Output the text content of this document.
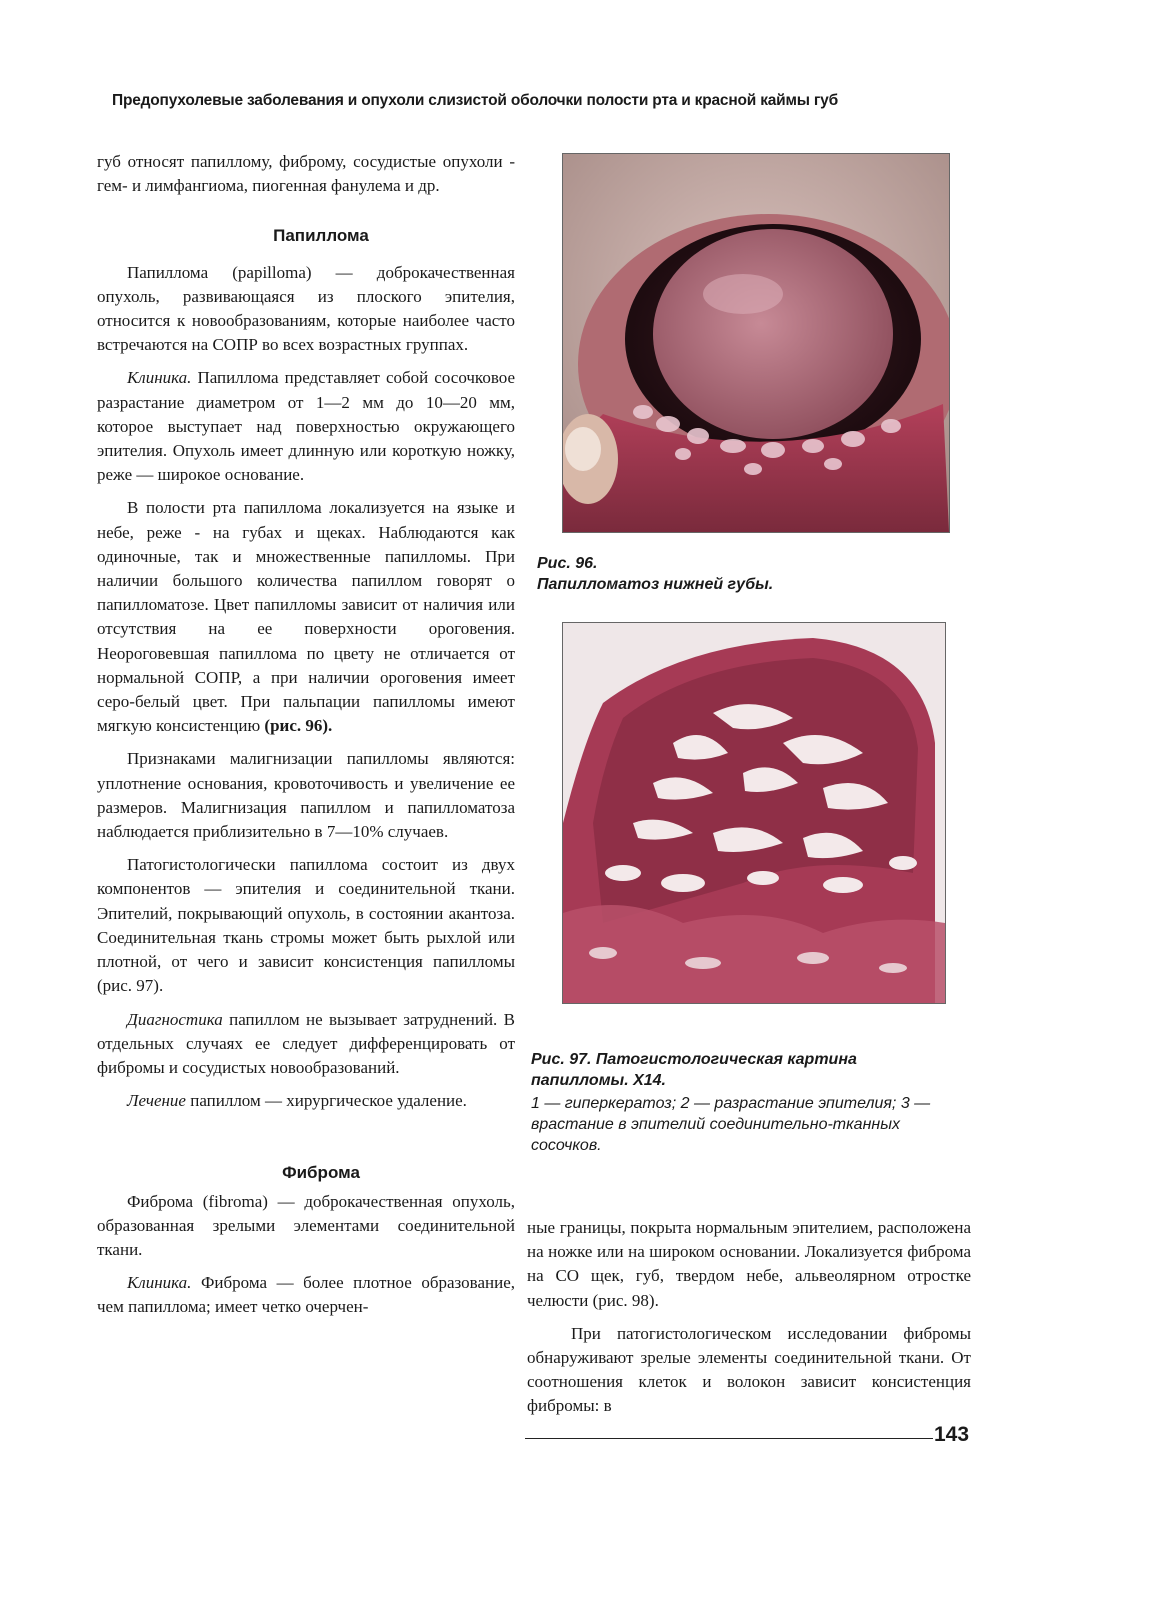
Предопухолевые заболевания и опухоли слизистой оболочки полости рта и красной каймы губ

губ относят папиллому, фиброму, сосудистые опухоли - гем- и лимфангиома, пиогенная фанулема и др.

Папиллома

Папиллома (papilloma) — доброкачественная опухоль, развивающаяся из плоского эпителия, относится к новообразованиям, которые наиболее часто встречаются на СОПР во всех возрастных группах.

Клиника. Папиллома представляет собой сосочковое разрастание диаметром от 1—2 мм до 10—20 мм, которое выступает над поверхностью окружающего эпителия. Опухоль имеет длинную или короткую ножку, реже — широкое основание.

В полости рта папиллома локализуется на языке и небе, реже - на губах и щеках. Наблюдаются как одиночные, так и множественные папилломы. При наличии большого количества папиллом говорят о папилломатозе. Цвет папилломы зависит от наличия или отсутствия на ее поверхности ороговения. Неороговевшая папиллома по цвету не отличается от нормальной СОПР, а при наличии ороговения имеет серо-белый цвет. При пальпации папилломы имеют мягкую консистенцию (рис. 96).

Признаками малигнизации папилломы являются: уплотнение основания, кровоточивость и увеличение ее размеров. Малигнизация папиллом и папилломатоза наблюдается приблизительно в 7—10% случаев.

Патогистологически папиллома состоит из двух компонентов — эпителия и соединительной ткани. Эпителий, покрывающий опухоль, в состоянии акантоза. Соединительная ткань стромы может быть рыхлой или плотной, от чего и зависит консистенция папилломы (рис. 97).

Диагностика папиллом не вызывает затруднений. В отдельных случаях ее следует дифференцировать от фибромы и сосудистых новообразований.

Лечение папиллом — хирургическое удаление.

Фиброма

Фиброма (fibroma) — доброкачественная опухоль, образованная зрелыми элементами соединительной ткани.

Клиника. Фиброма — более плотное образование, чем папиллома; имеет четко очерчен-

Рис. 96.
Папилломатоз нижней губы.
Рис. 97. Патогистологическая картина папилломы. X14.
1 — гиперкератоз; 2 — разрастание эпителия; 3 — врастание в эпителий соединительно-тканных сосочков.

ные границы, покрыта нормальным эпителием, расположена на ножке или на широком основании. Локализуется фиброма на СО щек, губ, твердом небе, альвеолярном отростке челюсти (рис. 98).

При патогистологическом исследовании фибромы обнаруживают зрелые элементы соединительной ткани. От соотношения клеток и волокон зависит консистенция фибромы: в

143
